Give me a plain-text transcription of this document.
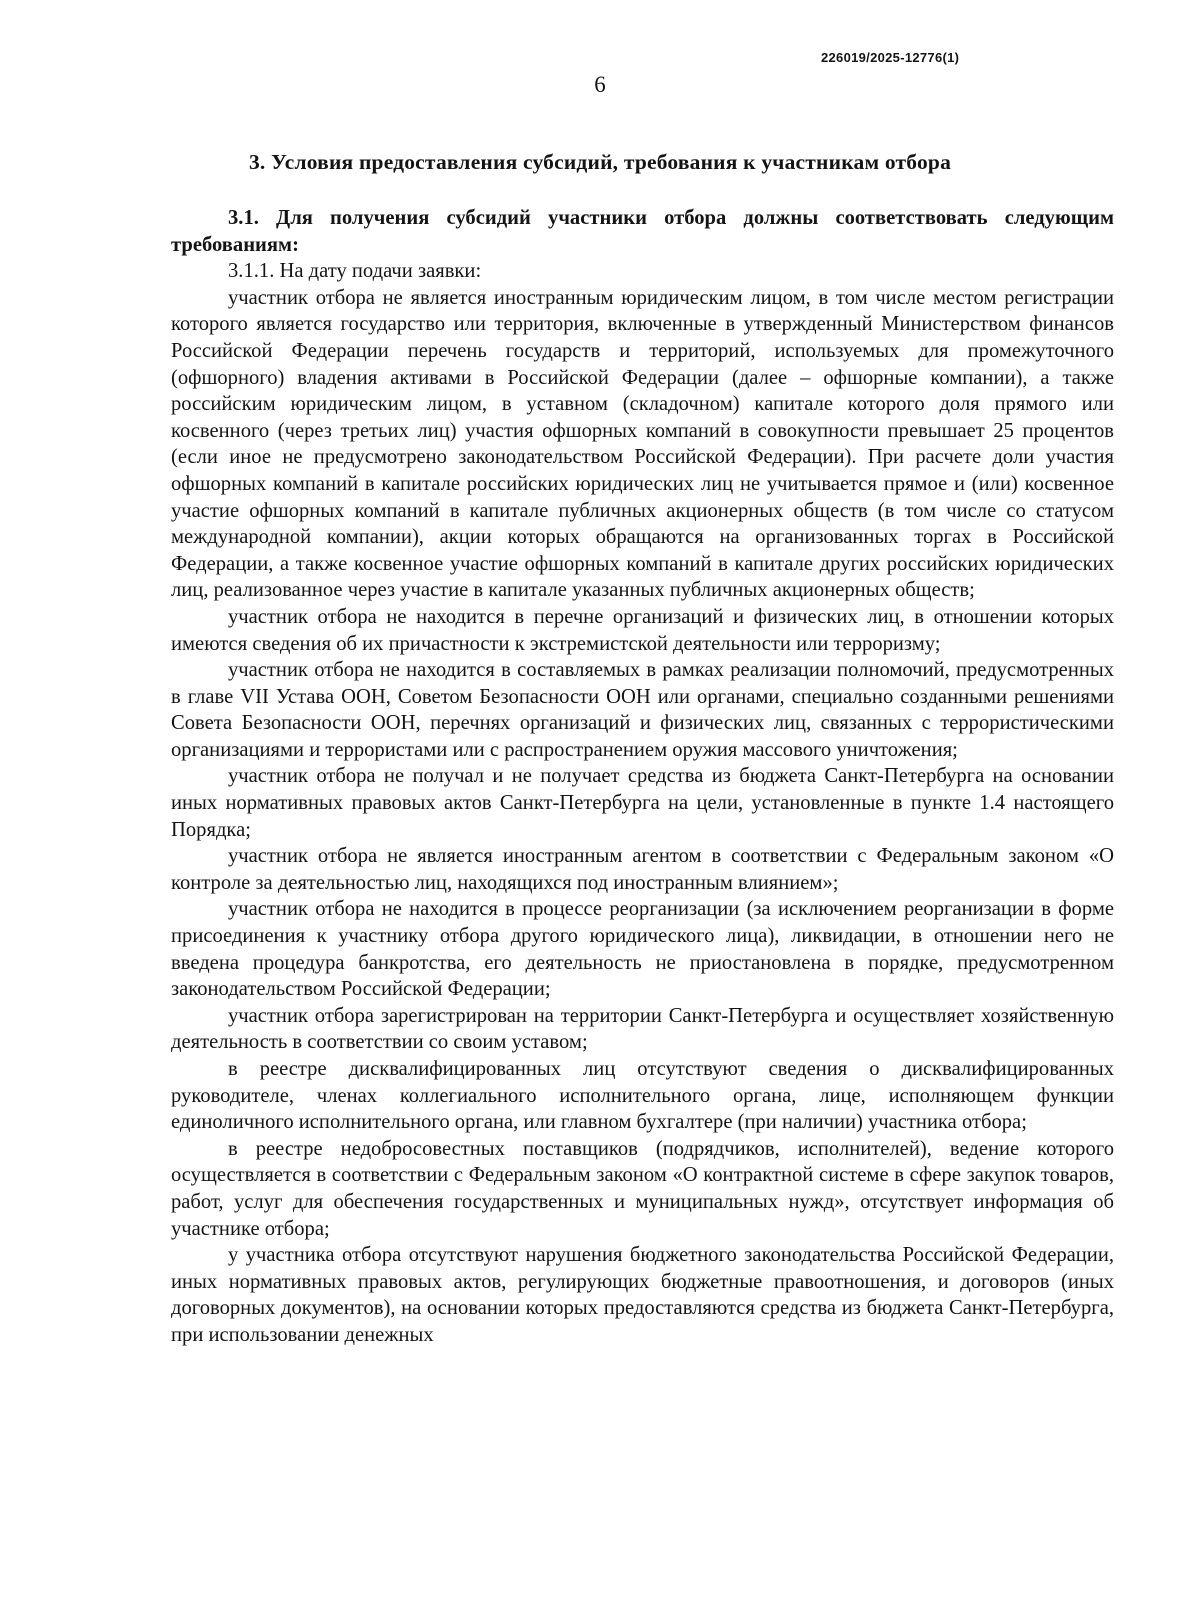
226019/2025-12776(1)
6
3. Условия предоставления субсидий, требования к участникам отбора

3.1. Для получения субсидий участники отбора должны соответствовать следующим требованиям:

3.1.1. На дату подачи заявки:

участник отбора не является иностранным юридическим лицом, в том числе местом регистрации которого является государство или территория, включенные в утвержденный Министерством финансов Российской Федерации перечень государств и территорий, используемых для промежуточного (офшорного) владения активами в Российской Федерации (далее – офшорные компании), а также российским юридическим лицом, в уставном (складочном) капитале которого доля прямого или косвенного (через третьих лиц) участия офшорных компаний в совокупности превышает 25 процентов (если иное не предусмотрено законодательством Российской Федерации). При расчете доли участия офшорных компаний в капитале российских юридических лиц не учитывается прямое и (или) косвенное участие офшорных компаний в капитале публичных акционерных обществ (в том числе со статусом международной компании), акции которых обращаются на организованных торгах в Российской Федерации, а также косвенное участие офшорных компаний в капитале других российских юридических лиц, реализованное через участие в капитале указанных публичных акционерных обществ;

участник отбора не находится в перечне организаций и физических лиц, в отношении которых имеются сведения об их причастности к экстремистской деятельности или терроризму;

участник отбора не находится в составляемых в рамках реализации полномочий, предусмотренных в главе VII Устава ООН, Советом Безопасности ООН или органами, специально созданными решениями Совета Безопасности ООН, перечнях организаций и физических лиц, связанных с террористическими организациями и террористами или с распространением оружия массового уничтожения;

участник отбора не получал и не получает средства из бюджета Санкт-Петербурга на основании иных нормативных правовых актов Санкт-Петербурга на цели, установленные в пункте 1.4 настоящего Порядка;

участник отбора не является иностранным агентом в соответствии с Федеральным законом «О контроле за деятельностью лиц, находящихся под иностранным влиянием»;

участник отбора не находится в процессе реорганизации (за исключением реорганизации в форме присоединения к участнику отбора другого юридического лица), ликвидации, в отношении него не введена процедура банкротства, его деятельность не приостановлена в порядке, предусмотренном законодательством Российской Федерации;

участник отбора зарегистрирован на территории Санкт-Петербурга и осуществляет хозяйственную деятельность в соответствии со своим уставом;

в реестре дисквалифицированных лиц отсутствуют сведения о дисквалифицированных руководителе, членах коллегиального исполнительного органа, лице, исполняющем функции единоличного исполнительного органа, или главном бухгалтере (при наличии) участника отбора;

в реестре недобросовестных поставщиков (подрядчиков, исполнителей), ведение которого осуществляется в соответствии с Федеральным законом «О контрактной системе в сфере закупок товаров, работ, услуг для обеспечения государственных и муниципальных нужд», отсутствует информация об участнике отбора;

у участника отбора отсутствуют нарушения бюджетного законодательства Российской Федерации, иных нормативных правовых актов, регулирующих бюджетные правоотношения, и договоров (иных договорных документов), на основании которых предоставляются средства из бюджета Санкт-Петербурга, при использовании денежных
